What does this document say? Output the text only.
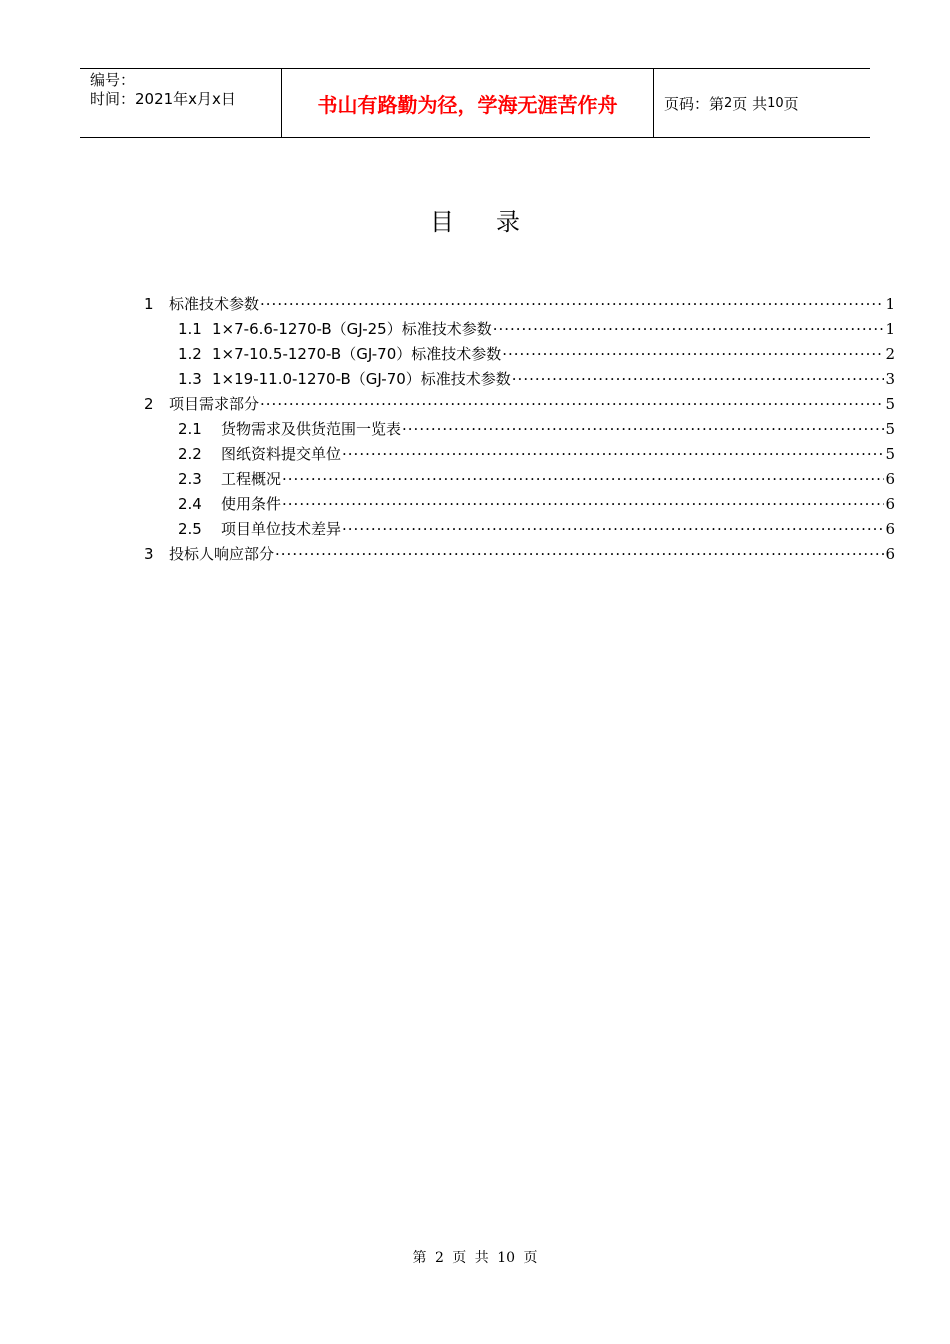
编号：
时间：2021年x月x日	书山有路勤为径，学海无涯苦作舟	页码：第 2 页 共 10 页
目录
1	标准技术参数 ·····	1
1.1 1×7-6.6-1270-B（GJ-25）标准技术参数 ·····	1
1.2 1×7-10.5-1270-B（GJ-70）标准技术参数 ·····	2
1.3 1×19-11.0-1270-B（GJ-70）标准技术参数 ·····	3
2	项目需求部分 ·····	5
2.1	货物需求及供货范围一览表 ·····	5
2.2	图纸资料提交单位 ·····	5
2.3	工程概况 ·····	6
2.4	使用条件 ·····	6
2.5	项目单位技术差异 ·····	6
3	投标人响应部分 ·····	6
第 2 页 共 10 页
